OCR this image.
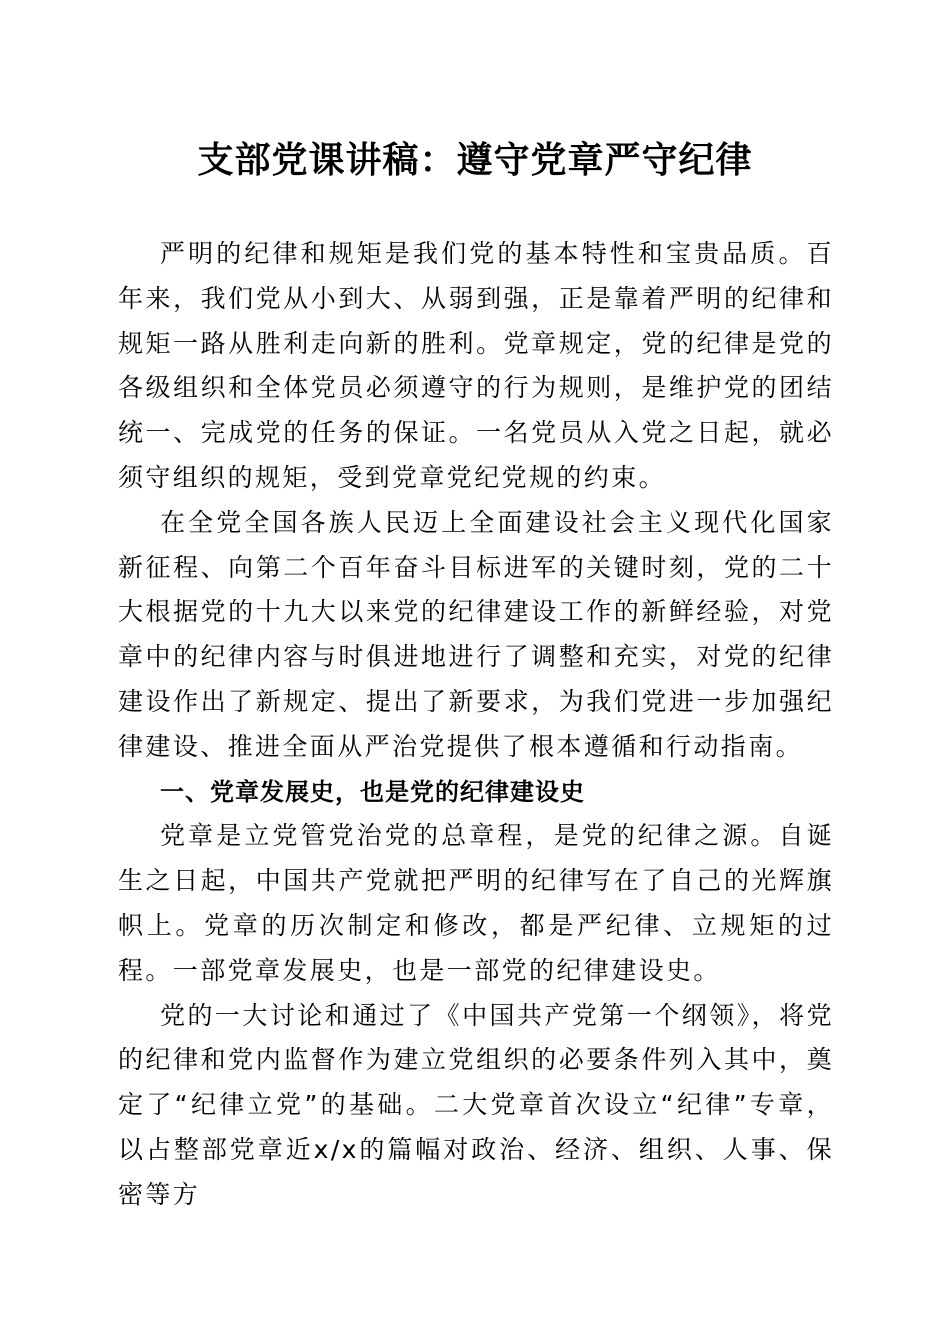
支部党课讲稿：遵守党章严守纪律

严明的纪律和规矩是我们党的基本特性和宝贵品质。百年来，我们党从小到大、从弱到强，正是靠着严明的纪律和规矩一路从胜利走向新的胜利。党章规定，党的纪律是党的各级组织和全体党员必须遵守的行为规则，是维护党的团结统一、完成党的任务的保证。一名党员从入党之日起，就必须守组织的规矩，受到党章党纪党规的约束。

在全党全国各族人民迈上全面建设社会主义现代化国家新征程、向第二个百年奋斗目标进军的关键时刻，党的二十大根据党的十九大以来党的纪律建设工作的新鲜经验，对党章中的纪律内容与时俱进地进行了调整和充实，对党的纪律建设作出了新规定、提出了新要求，为我们党进一步加强纪律建设、推进全面从严治党提供了根本遵循和行动指南。

一、党章发展史，也是党的纪律建设史

党章是立党管党治党的总章程，是党的纪律之源。自诞生之日起，中国共产党就把严明的纪律写在了自己的光辉旗帜上。党章的历次制定和修改，都是严纪律、立规矩的过程。一部党章发展史，也是一部党的纪律建设史。

党的一大讨论和通过了《中国共产党第一个纲领》，将党的纪律和党内监督作为建立党组织的必要条件列入其中，奠定了“纪律立党”的基础。二大党章首次设立“纪律”专章，以占整部党章近x/x的篇幅对政治、经济、组织、人事、保密等方
